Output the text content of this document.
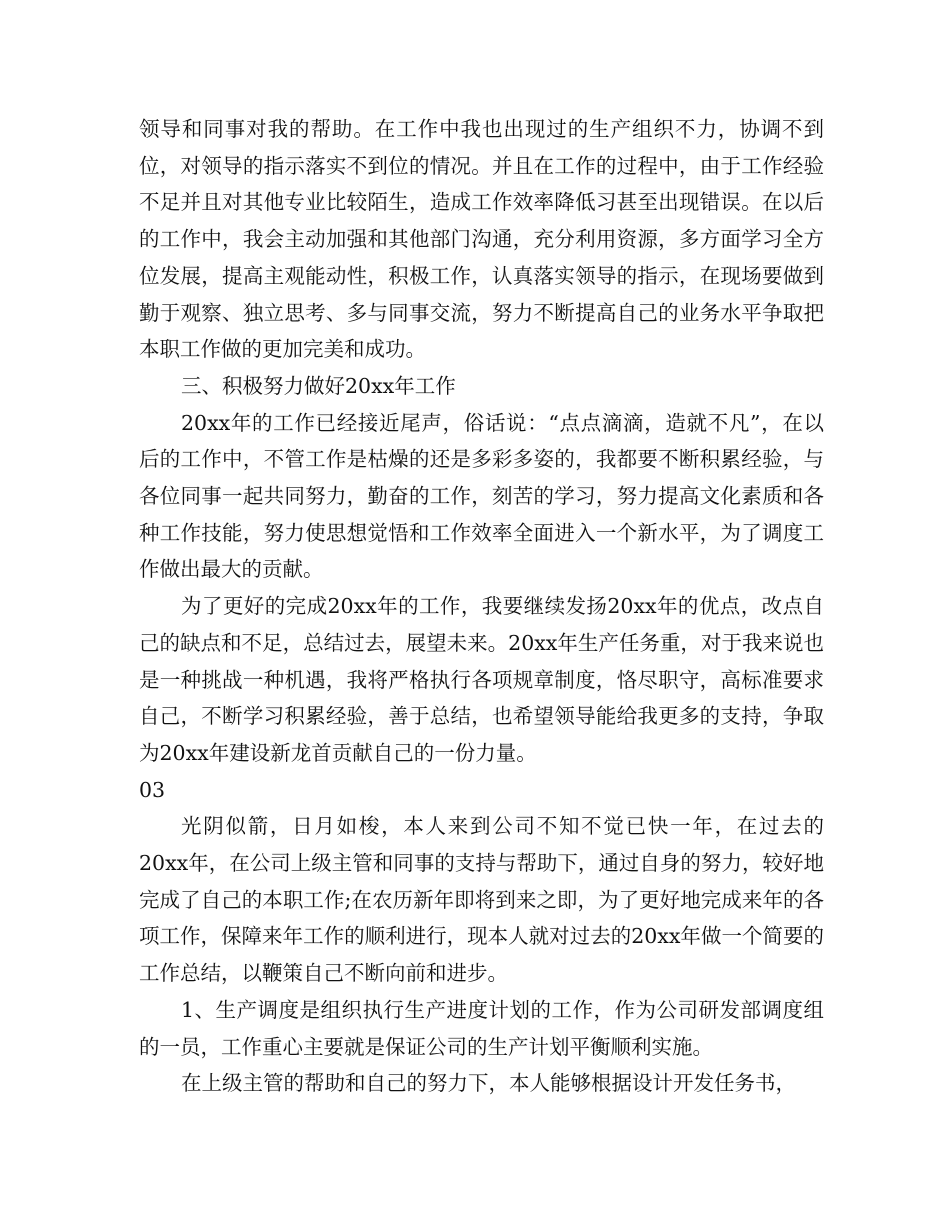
领导和同事对我的帮助。在工作中我也出现过的生产组织不力，协调不到位，对领导的指示落实不到位的情况。并且在工作的过程中，由于工作经验不足并且对其他专业比较陌生，造成工作效率降低习甚至出现错误。在以后的工作中，我会主动加强和其他部门沟通，充分利用资源，多方面学习全方位发展，提高主观能动性，积极工作，认真落实领导的指示，在现场要做到勤于观察、独立思考、多与同事交流，努力不断提高自己的业务水平争取把本职工作做的更加完美和成功。

三、积极努力做好20xx年工作

20xx年的工作已经接近尾声，俗话说：“点点滴滴，造就不凡”，在以后的工作中，不管工作是枯燥的还是多彩多姿的，我都要不断积累经验，与各位同事一起共同努力，勤奋的工作，刻苦的学习，努力提高文化素质和各种工作技能，努力使思想觉悟和工作效率全面进入一个新水平，为了调度工作做出最大的贡献。

为了更好的完成20xx年的工作，我要继续发扬20xx年的优点，改点自己的缺点和不足，总结过去，展望未来。20xx年生产任务重，对于我来说也是一种挑战一种机遇，我将严格执行各项规章制度，恪尽职守，高标准要求自己，不断学习积累经验，善于总结，也希望领导能给我更多的支持，争取为20xx年建设新龙首贡献自己的一份力量。

03

光阴似箭，日月如梭，本人来到公司不知不觉已快一年，在过去的20xx年，在公司上级主管和同事的支持与帮助下，通过自身的努力，较好地完成了自己的本职工作;在农历新年即将到来之即，为了更好地完成来年的各项工作，保障来年工作的顺利进行，现本人就对过去的20xx年做一个简要的工作总结，以鞭策自己不断向前和进步。

1、生产调度是组织执行生产进度计划的工作，作为公司研发部调度组的一员，工作重心主要就是保证公司的生产计划平衡顺利实施。

在上级主管的帮助和自己的努力下，本人能够根据设计开发任务书，
